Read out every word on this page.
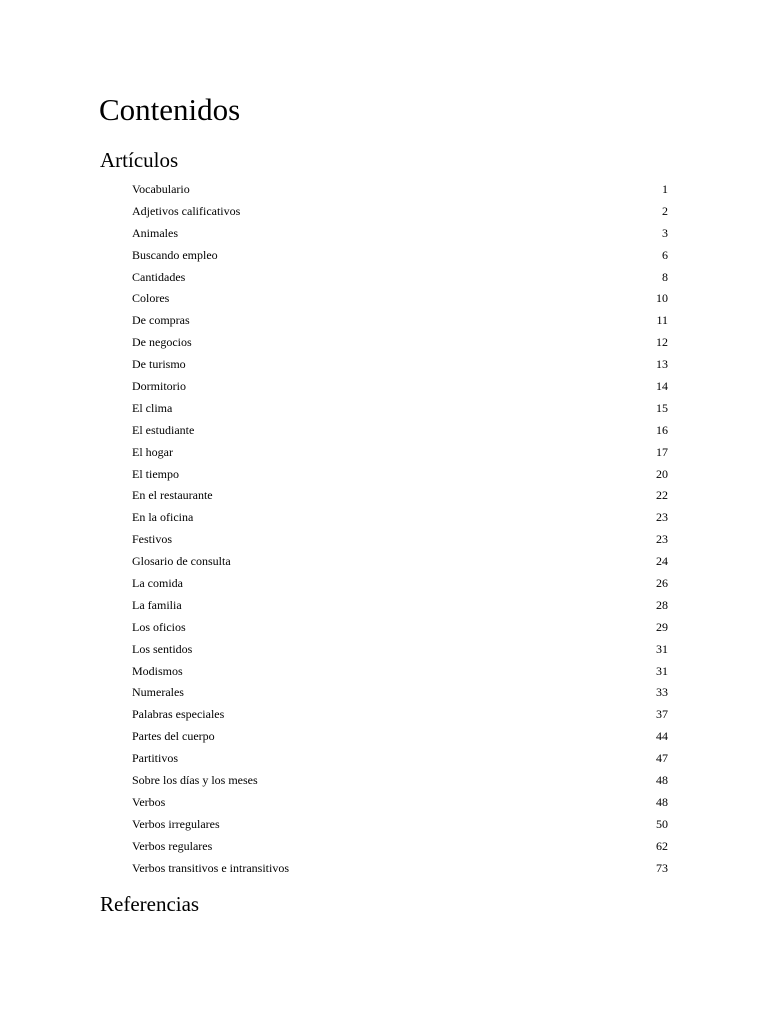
Contenidos
Artículos
Vocabulario	1
Adjetivos calificativos	2
Animales	3
Buscando empleo	6
Cantidades	8
Colores	10
De compras	11
De negocios	12
De turismo	13
Dormitorio	14
El clima	15
El estudiante	16
El hogar	17
El tiempo	20
En el restaurante	22
En la oficina	23
Festivos	23
Glosario de consulta	24
La comida	26
La familia	28
Los oficios	29
Los sentidos	31
Modismos	31
Numerales	33
Palabras especiales	37
Partes del cuerpo	44
Partitivos	47
Sobre los días y los meses	48
Verbos	48
Verbos irregulares	50
Verbos regulares	62
Verbos transitivos e intransitivos	73
Referencias
